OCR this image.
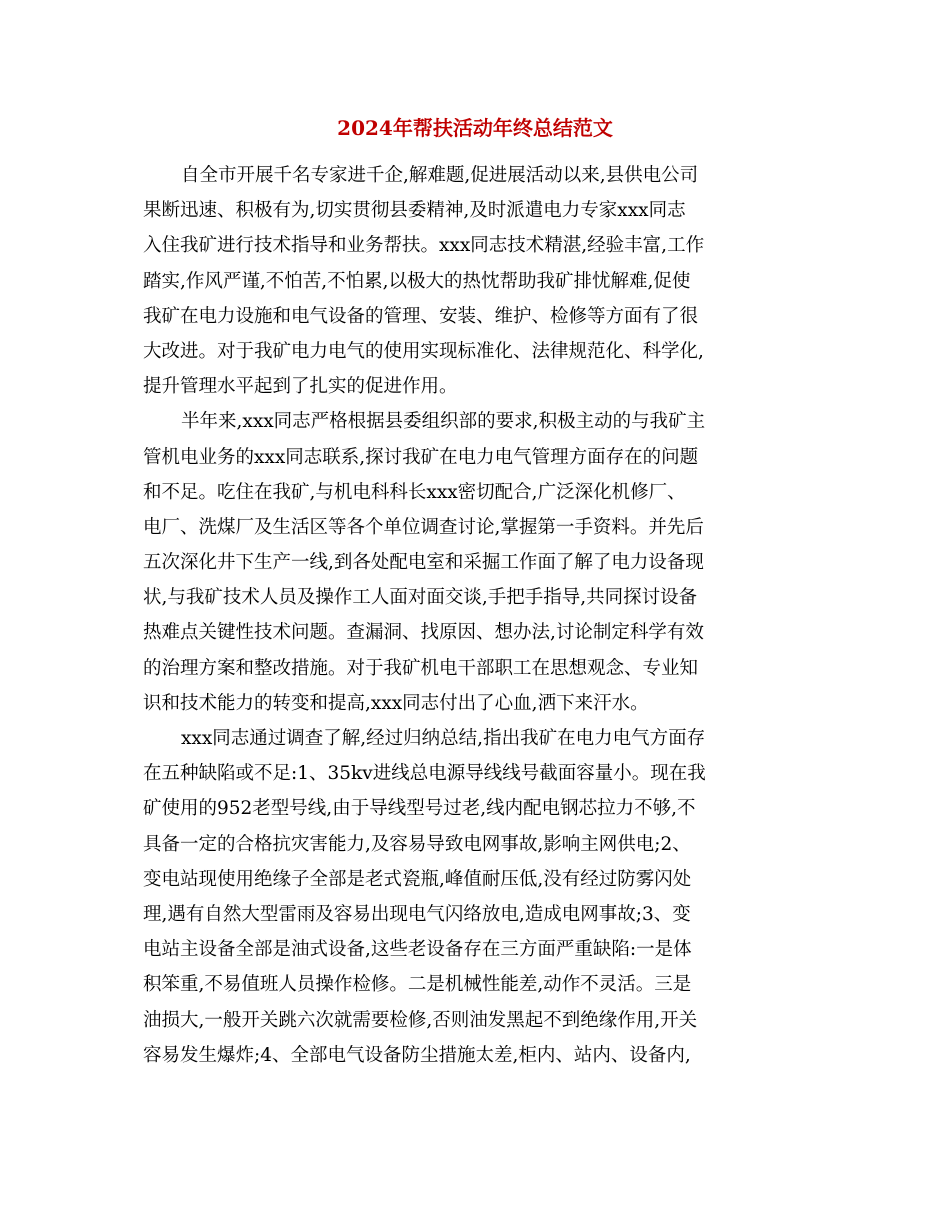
2024年帮扶活动年终总结范文

自全市开展千名专家进千企,解难题,促进展活动以来,县供电公司
果断迅速、积极有为,切实贯彻县委精神,及时派遣电力专家xxx同志
入住我矿进行技术指导和业务帮扶。xxx同志技术精湛,经验丰富,工作
踏实,作风严谨,不怕苦,不怕累,以极大的热忱帮助我矿排忧解难,促使
我矿在电力设施和电气设备的管理、安装、维护、检修等方面有了很
大改进。对于我矿电力电气的使用实现标准化、法律规范化、科学化,
提升管理水平起到了扎实的促进作用。

半年来,xxx同志严格根据县委组织部的要求,积极主动的与我矿主
管机电业务的xxx同志联系,探讨我矿在电力电气管理方面存在的问题
和不足。吃住在我矿,与机电科科长xxx密切配合,广泛深化机修厂、
电厂、洗煤厂及生活区等各个单位调查讨论,掌握第一手资料。并先后
五次深化井下生产一线,到各处配电室和采掘工作面了解了电力设备现
状,与我矿技术人员及操作工人面对面交谈,手把手指导,共同探讨设备
热难点关键性技术问题。查漏洞、找原因、想办法,讨论制定科学有效
的治理方案和整改措施。对于我矿机电干部职工在思想观念、专业知
识和技术能力的转变和提高,xxx同志付出了心血,洒下来汗水。

xxx同志通过调查了解,经过归纳总结,指出我矿在电力电气方面存
在五种缺陷或不足:1、35kv进线总电源导线线号截面容量小。现在我
矿使用的952老型号线,由于导线型号过老,线内配电钢芯拉力不够,不
具备一定的合格抗灾害能力,及容易导致电网事故,影响主网供电;2、
变电站现使用绝缘子全部是老式瓷瓶,峰值耐压低,没有经过防雾闪处
理,遇有自然大型雷雨及容易出现电气闪络放电,造成电网事故;3、变
电站主设备全部是油式设备,这些老设备存在三方面严重缺陷:一是体
积笨重,不易值班人员操作检修。二是机械性能差,动作不灵活。三是
油损大,一般开关跳六次就需要检修,否则油发黑起不到绝缘作用,开关
容易发生爆炸;4、全部电气设备防尘措施太差,柜内、站内、设备内,
